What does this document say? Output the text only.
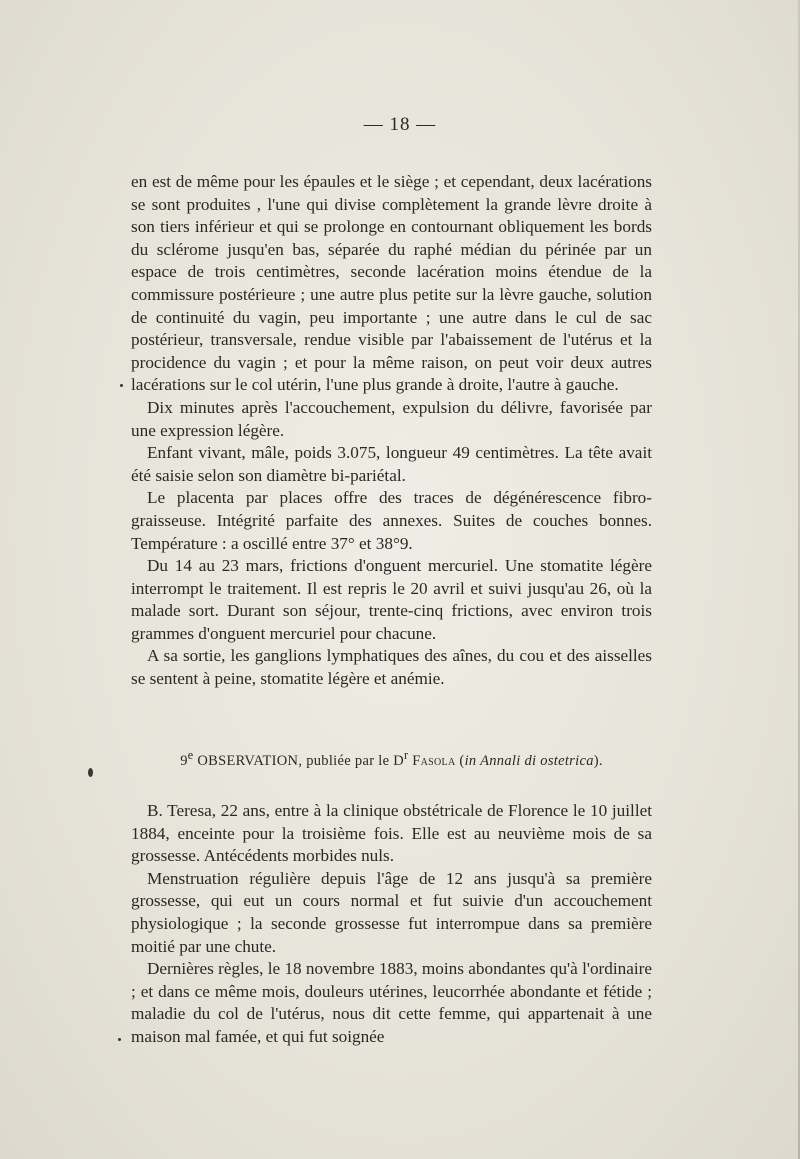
— 18 —

en est de même pour les épaules et le siège ; et cependant, deux lacérations se sont produites , l'une qui divise complètement la grande lèvre droite à son tiers inférieur et qui se prolonge en contournant obliquement les bords du sclérome jusqu'en bas, séparée du raphé médian du périnée par un espace de trois centimètres, seconde lacération moins étendue de la commissure postérieure ; une autre plus petite sur la lèvre gauche, solution de continuité du vagin, peu importante ; une autre dans le cul de sac postérieur, transversale, rendue visible par l'abaissement de l'utérus et la procidence du vagin ; et pour la même raison, on peut voir deux autres lacérations sur le col utérin, l'une plus grande à droite, l'autre à gauche.

Dix minutes après l'accouchement, expulsion du délivre, favorisée par une expression légère.

Enfant vivant, mâle, poids 3.075, longueur 49 centimètres. La tête avait été saisie selon son diamètre bi-pariétal.

Le placenta par places offre des traces de dégénérescence fibro-graisseuse. Intégrité parfaite des annexes. Suites de couches bonnes. Température : a oscillé entre 37° et 38°9.

Du 14 au 23 mars, frictions d'onguent mercuriel. Une stomatite légère interrompt le traitement. Il est repris le 20 avril et suivi jusqu'au 26, où la malade sort. Durant son séjour, trente-cinq frictions, avec environ trois grammes d'onguent mercuriel pour chacune.

A sa sortie, les ganglions lymphatiques des aînes, du cou et des aisselles se sentent à peine, stomatite légère et anémie.

9e OBSERVATION, publiée par le $D^r$ Fasola (in Annali di ostetrica).

B. Teresa, 22 ans, entre à la clinique obstétricale de Florence le 10 juillet 1884, enceinte pour la troisième fois. Elle est au neuvième mois de sa grossesse. Antécédents morbides nuls.

Menstruation régulière depuis l'âge de 12 ans jusqu'à sa première grossesse, qui eut un cours normal et fut suivie d'un accouchement physiologique ; la seconde grossesse fut interrompue dans sa première moitié par une chute.

Dernières règles, le 18 novembre 1883, moins abondantes qu'à l'ordinaire ; et dans ce même mois, douleurs utérines, leucorrhée abondante et fétide ; maladie du col de l'utérus, nous dit cette femme, qui appartenait à une maison mal famée, et qui fut soignée
